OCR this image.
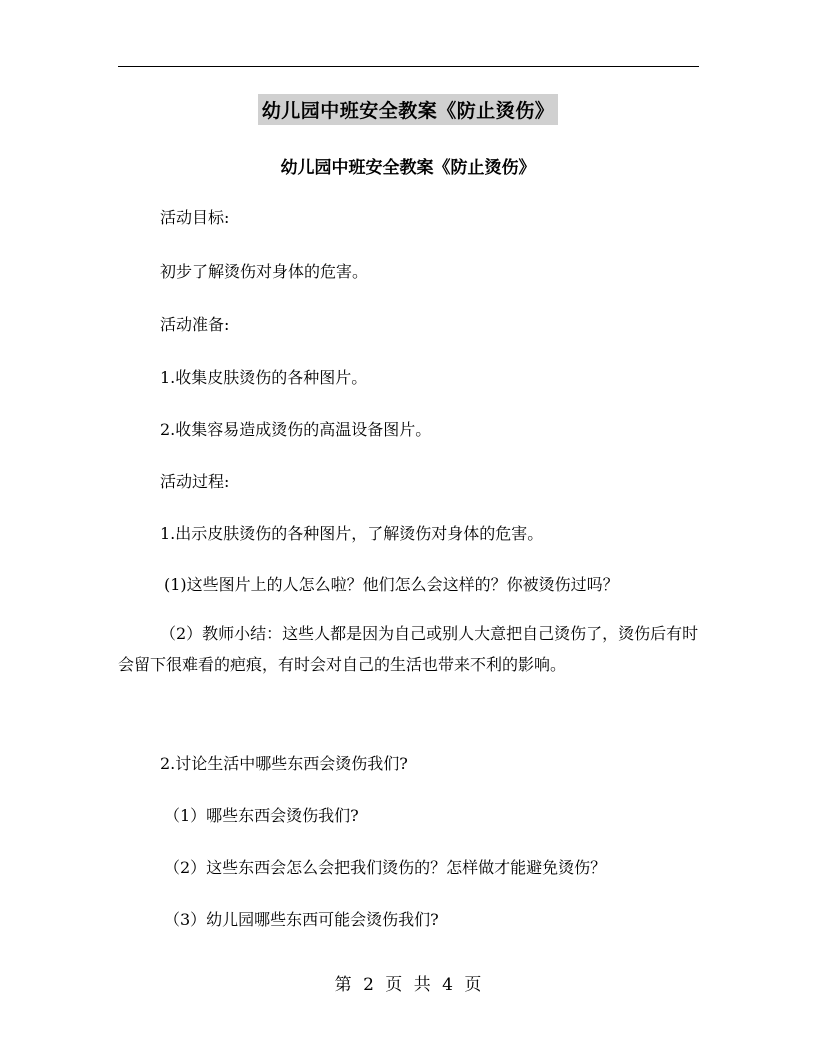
幼儿园中班安全教案《防止烫伤》
幼儿园中班安全教案《防止烫伤》
活动目标:
初步了解烫伤对身体的危害。
活动准备:
1.收集皮肤烫伤的各种图片。
2.收集容易造成烫伤的高温设备图片。
活动过程:
1.出示皮肤烫伤的各种图片，了解烫伤对身体的危害。
(1)这些图片上的人怎么啦？他们怎么会这样的？你被烫伤过吗？
（2）教师小结：这些人都是因为自己或别人大意把自己烫伤了，烫伤后有时会留下很难看的疤痕，有时会对自己的生活也带来不利的影响。
2.讨论生活中哪些东西会烫伤我们?
（1）哪些东西会烫伤我们?
（2）这些东西会怎么会把我们烫伤的？怎样做才能避免烫伤？
（3）幼儿园哪些东西可能会烫伤我们?
第 2 页 共 4 页
